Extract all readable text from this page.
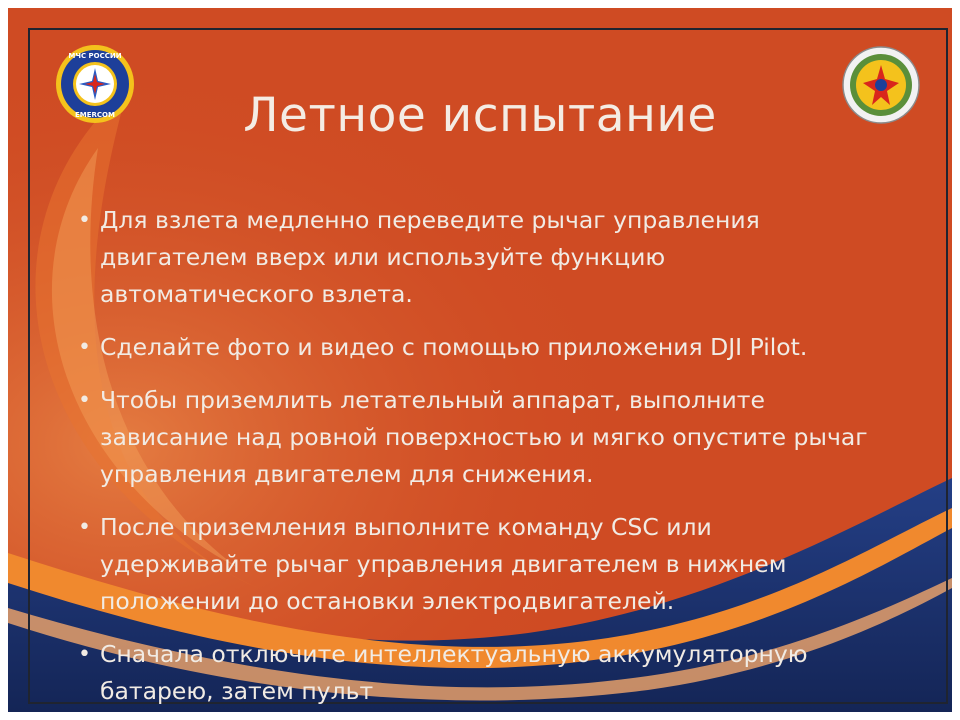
МЧС РОССИИ
EMERCOM	Летное испытание
• Для взлета медленно переведите рычаг управления двигателем вверх или используйте функцию автоматического взлета.
• Сделайте фото и видео с помощью приложения DJI Pilot.
• Чтобы приземлить летательный аппарат, выполните зависание над ровной поверхностью и мягко опустите рычаг управления двигателем для снижения.
• После приземления выполните команду CSC или удерживайте рычаг управления двигателем в нижнем положении до остановки электродвигателей.
• Сначала отключите интеллектуальную аккумуляторную батарею, затем пульт
